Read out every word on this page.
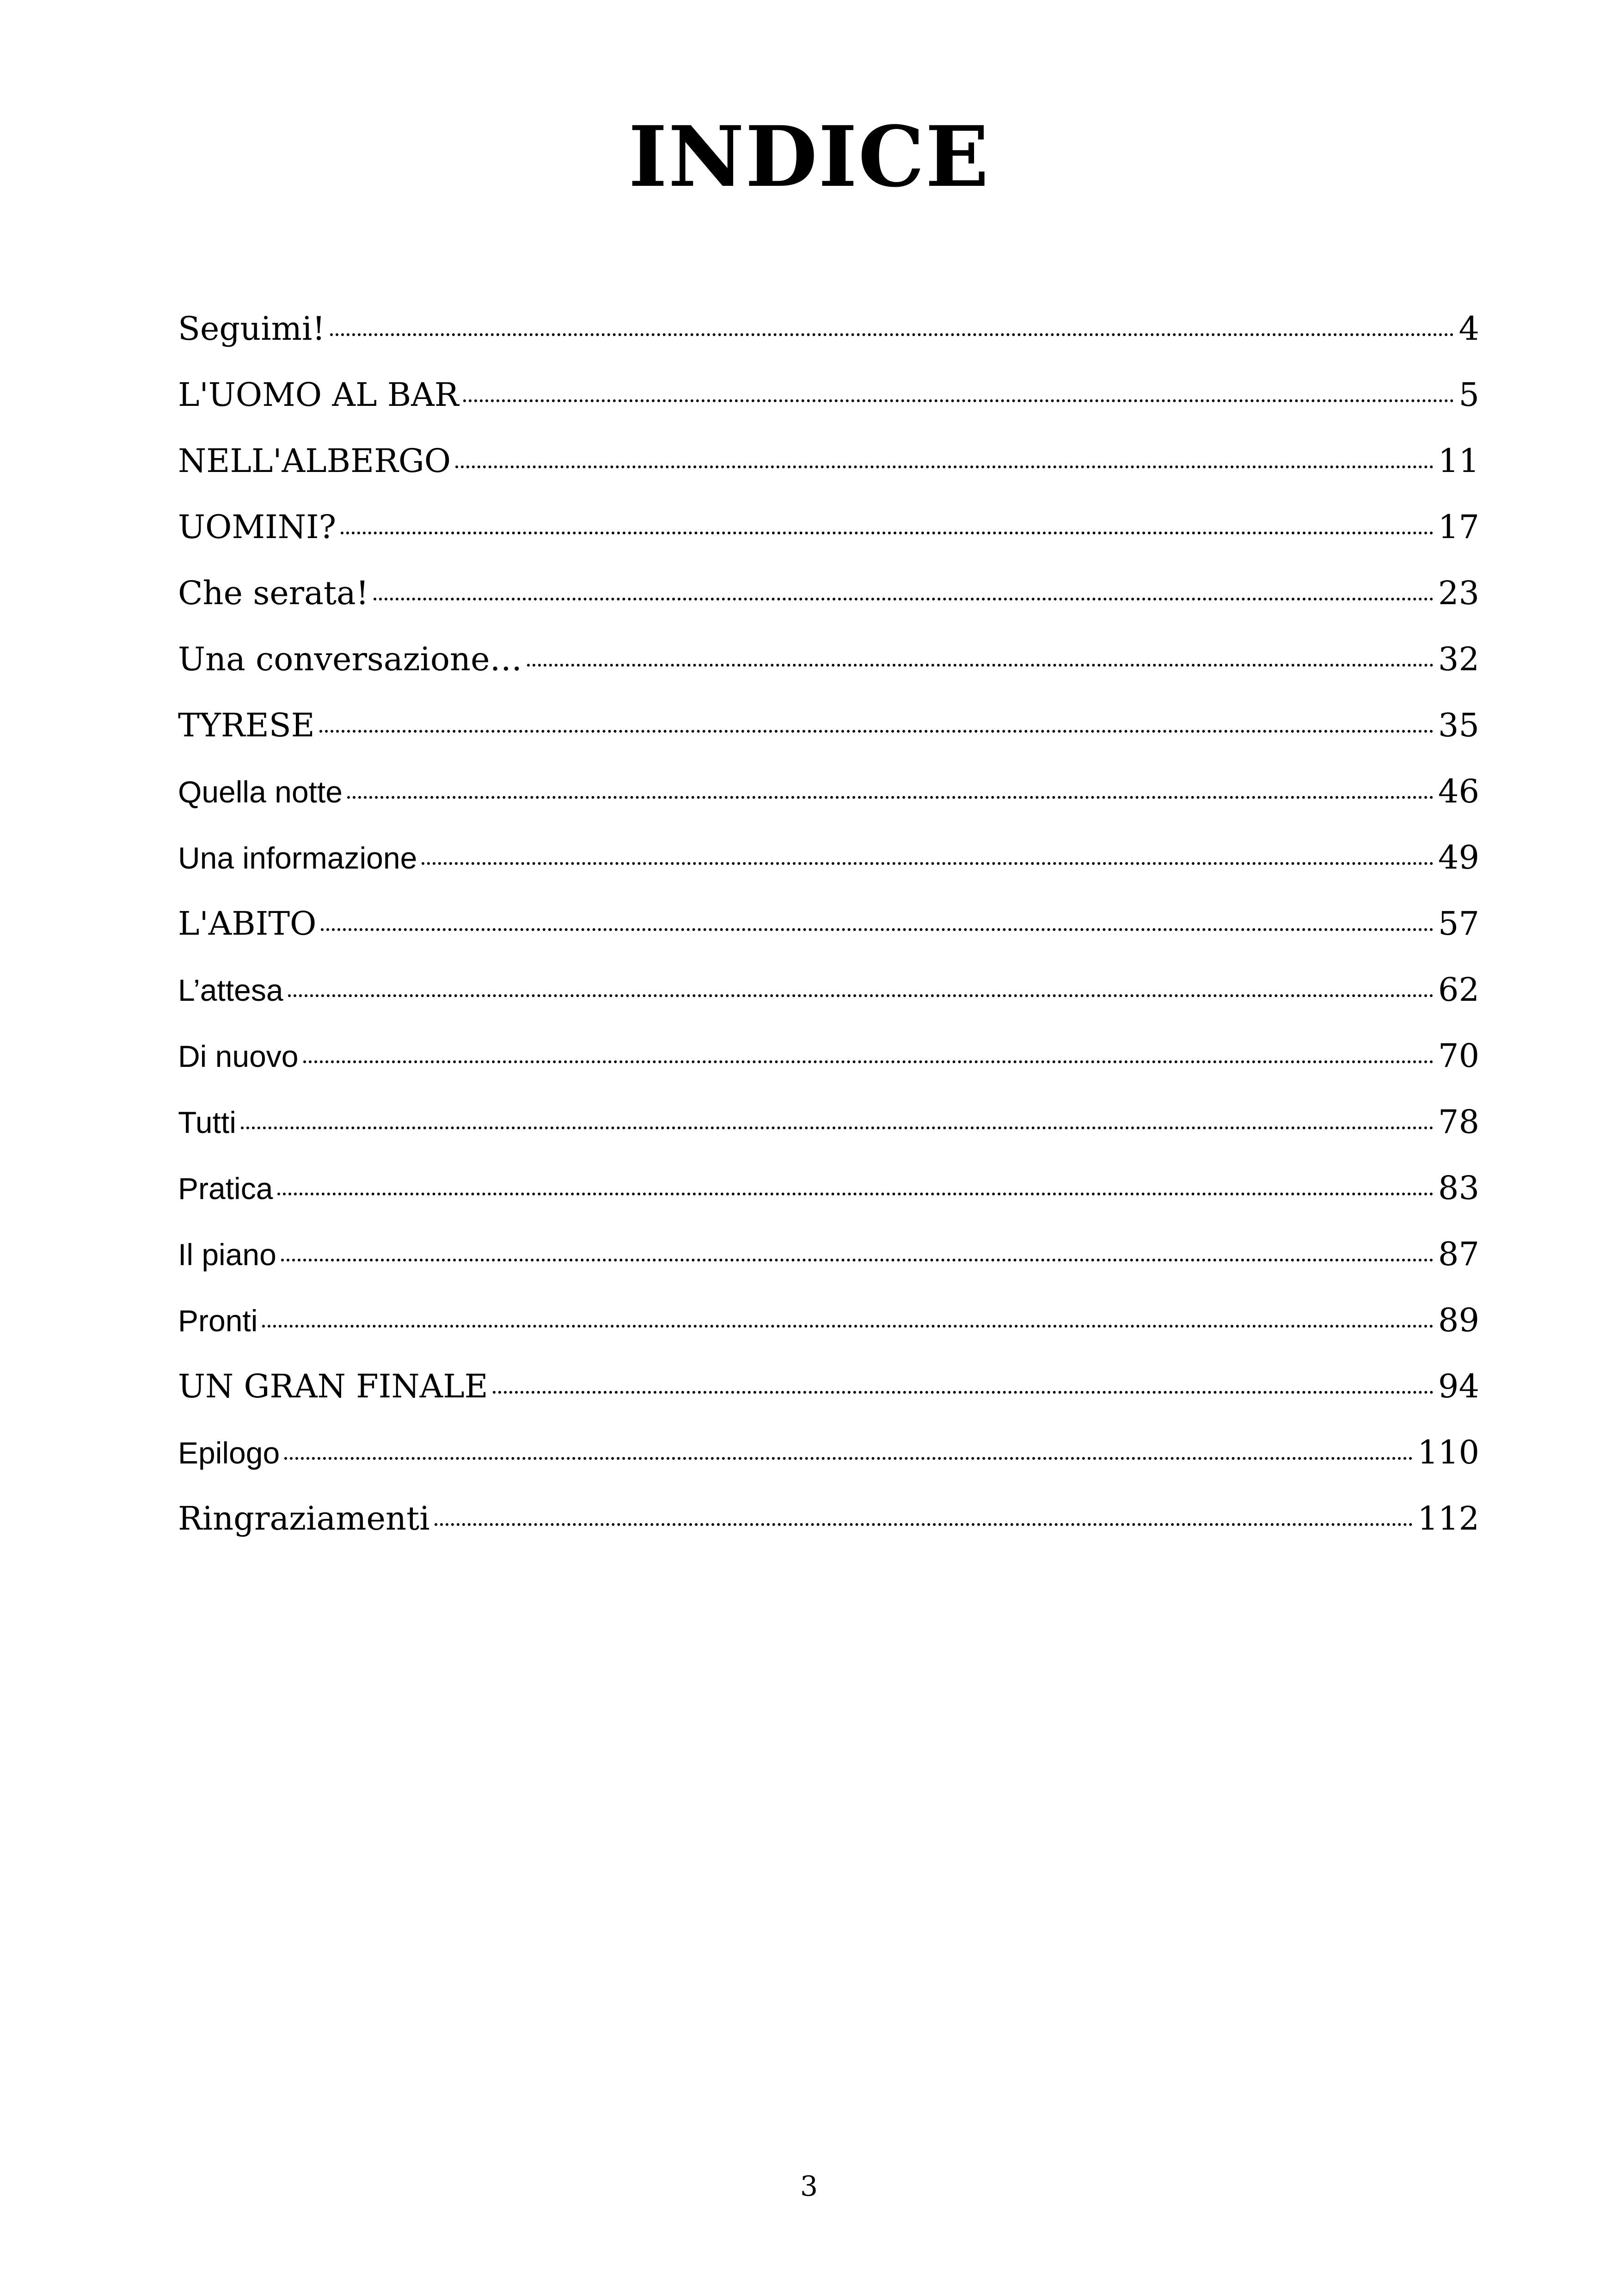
INDICE
Seguimi!	4
L'UOMO AL BAR	5
NELL'ALBERGO	11
UOMINI?	17
Che serata!	23
Una conversazione…	32
TYRESE	35
Quella notte	46
Una informazione	49
L'ABITO	57
L’attesa	62
Di nuovo	70
Tutti	78
Pratica	83
Il piano	87
Pronti	89
UN GRAN FINALE	94
Epilogo	110
Ringraziamenti	112
3
